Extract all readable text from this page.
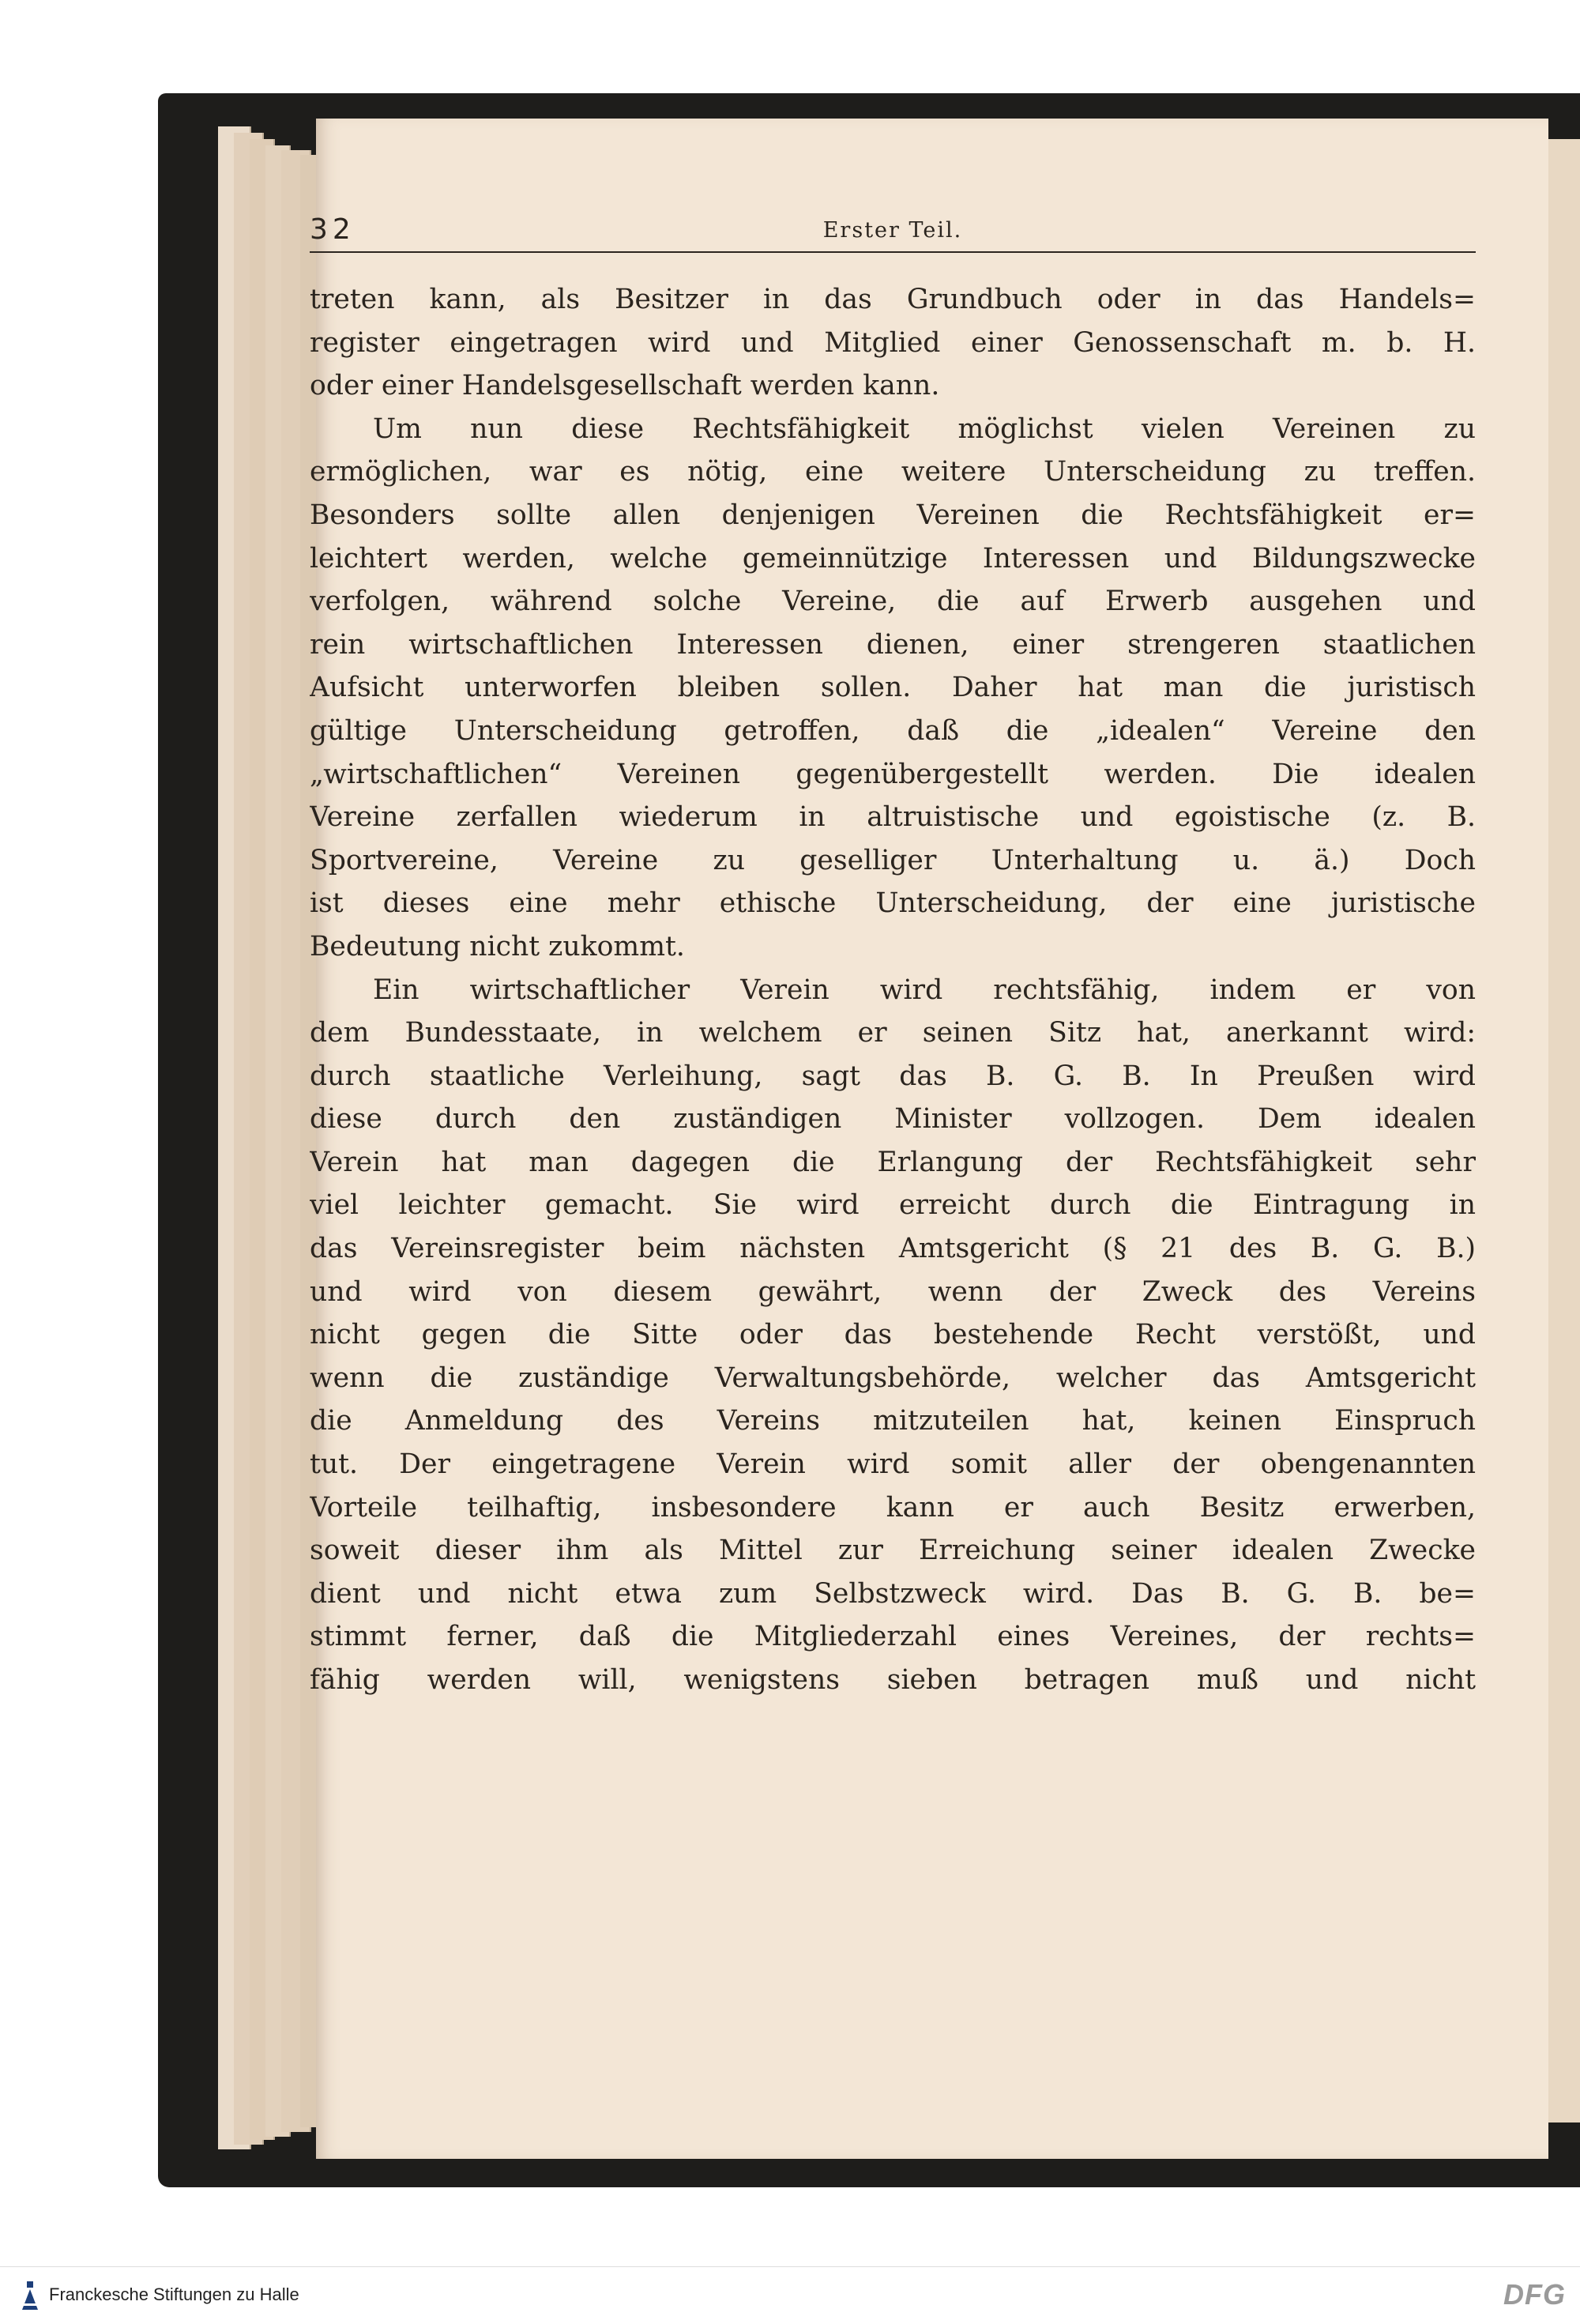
32	Erster Teil.
treten kann, als Besitzer in das Grundbuch oder in das Handels=
register eingetragen wird und Mitglied einer Genossenschaft m. b. H.
oder einer Handelsgesellschaft werden kann.
Um nun diese Rechtsfähigkeit möglichst vielen Vereinen zu
ermöglichen, war es nötig, eine weitere Unterscheidung zu treffen.
Besonders sollte allen denjenigen Vereinen die Rechtsfähigkeit er=
leichtert werden, welche gemeinnützige Interessen und Bildungszwecke
verfolgen, während solche Vereine, die auf Erwerb ausgehen und
rein wirtschaftlichen Interessen dienen, einer strengeren staatlichen
Aufsicht unterworfen bleiben sollen. Daher hat man die juristisch
gültige Unterscheidung getroffen, daß die „idealen“ Vereine den
„wirtschaftlichen“ Vereinen gegenübergestellt werden. Die idealen
Vereine zerfallen wiederum in altruistische und egoistische (z. B.
Sportvereine, Vereine zu geselliger Unterhaltung u. ä.) Doch
ist dieses eine mehr ethische Unterscheidung, der eine juristische
Bedeutung nicht zukommt.
Ein wirtschaftlicher Verein wird rechtsfähig, indem er von
dem Bundesstaate, in welchem er seinen Sitz hat, anerkannt wird:
durch staatliche Verleihung, sagt das B. G. B. In Preußen wird
diese durch den zuständigen Minister vollzogen. Dem idealen
Verein hat man dagegen die Erlangung der Rechtsfähigkeit sehr
viel leichter gemacht. Sie wird erreicht durch die Eintragung in
das Vereinsregister beim nächsten Amtsgericht (§ 21 des B. G. B.)
und wird von diesem gewährt, wenn der Zweck des Vereins
nicht gegen die Sitte oder das bestehende Recht verstößt, und
wenn die zuständige Verwaltungsbehörde, welcher das Amtsgericht
die Anmeldung des Vereins mitzuteilen hat, keinen Einspruch
tut. Der eingetragene Verein wird somit aller der obengenannten
Vorteile teilhaftig, insbesondere kann er auch Besitz erwerben,
soweit dieser ihm als Mittel zur Erreichung seiner idealen Zwecke
dient und nicht etwa zum Selbstzweck wird. Das B. G. B. be=
stimmt ferner, daß die Mitgliederzahl eines Vereines, der rechts=
fähig werden will, wenigstens sieben betragen muß und nicht
Franckesche Stiftungen zu Halle	DFG
